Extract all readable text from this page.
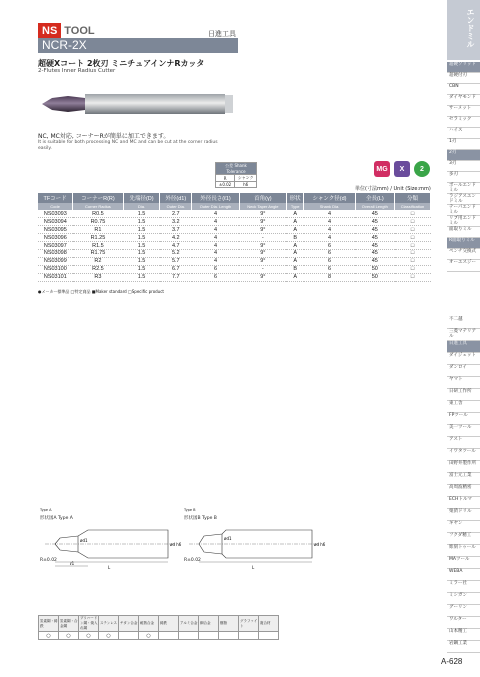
NS TOOL	日進工具
NCR-2X
超硬Xコート 2枚刃 ミニチュアインナRカッタ
2-Flutes Inner Radius Cutter
NC, MC対応, コーナーRが簡単に加工できます。
It is suitable for both processing NC and MC and can be cut at the corner radius easily.
公差 Shank Tolerance	
R	シャンク
±0.02	h6
MG	X	2
単位(寸法mm) / Unit (Size:mm)
TFコード	コーナーR(R)	先端径(D)	外径(d1)	外径長さ(ℓ1)	首角(γ)	形状	シャンク径(d)	全長(L)	分類
Code	Corner Radius	Dia.	Outer Dia.	Outer Dia. Length	Neck Taper Angle	Type	Shank Dia.	Overall Length	Classification
NS03093	R0.5	1.5	2.7	4	9°	A	4	45	□
NS03094	R0.75	1.5	3.2	4	9°	A	4	45	□
NS03095	R1	1.5	3.7	4	9°	A	4	45	□
NS03096	R1.25	1.5	4.2	4	-	B	4	45	□
NS03097	R1.5	1.5	4.7	4	9°	A	6	45	□
NS03098	R1.75	1.5	5.2	4	9°	A	6	45	□
NS03099	R2	1.5	5.7	4	9°	A	6	45	□
NS03100	R2.5	1.5	6.7	6	-	B	6	50	□
NS03101	R3	1.5	7.7	6	9°	A	8	50	□
●メーカー標準品 □特定商品 ■Maker standard □Specific product
Type A
形状図A Type A
ød h6
L
ℓ1
ød1
R±0.02
Type B
形状図B Type B
ød h6
L
ød1
R±0.02
炭素鋼・鋳鉄	炭素鋼・合金鋼	プリハードン鋼・焼入れ鋼	ステンレス	チタン合金	耐熱合金	鋳鉄	アルミ合金	銅合金	樹脂	グラファイト	複合材
○	○	○	○		○						
エンドミル
超硬ソリッド
超硬付刃
CBN
ダイヤモンド
サーメット
セラミック
ハイス
1刃
2刃
3刃
多刃
ボールエンドミル
ラジアスエンドミル
テーパエンドミル
リブ用エンドミル
面取りミル
R面取りミル
ペンチ交換式
オーエスジー
不二越
三菱マテリアル
日進工具
ダイジェット
ダンロイ
ヤマト
日研工作所
東工舎
FPツール
美一ツール
アスト
イワタツール
田野井製作所
富士元工業
高周波精密
ECHトルマ
栗済ドリル
ギヤン
フクダ精工
彫刻トゥール
MAツール
WEBA
ミラー社
ミシガン
グーリン
ワルター
山本精工
岩鋼工業
A-628
